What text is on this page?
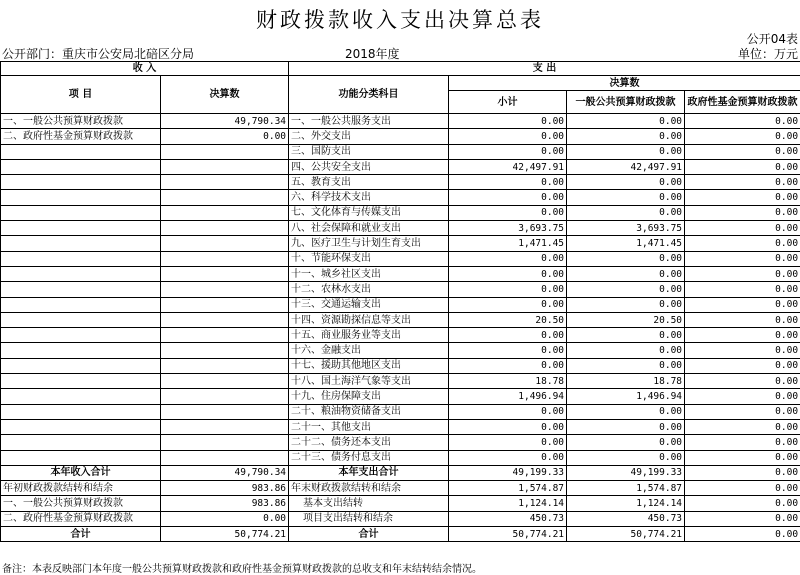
财政拨款收入支出决算总表
公开04表
公开部门：重庆市公安局北碚区分局	2018年度	单位：万元
收 入		支 出			
项 目	决算数	功能分类科目	决算数		
			小计	一般公共预算财政拨款	政府性基金预算财政拨款
一、一般公共预算财政拨款	49,790.34	一、一般公共服务支出	0.00	0.00	0.00
二、政府性基金预算财政拨款	0.00	二、外交支出	0.00	0.00	0.00
		三、国防支出	0.00	0.00	0.00
		四、公共安全支出	42,497.91	42,497.91	0.00
		五、教育支出	0.00	0.00	0.00
		六、科学技术支出	0.00	0.00	0.00
		七、文化体育与传媒支出	0.00	0.00	0.00
		八、社会保障和就业支出	3,693.75	3,693.75	0.00
		九、医疗卫生与计划生育支出	1,471.45	1,471.45	0.00
		十、节能环保支出	0.00	0.00	0.00
		十一、城乡社区支出	0.00	0.00	0.00
		十二、农林水支出	0.00	0.00	0.00
		十三、交通运输支出	0.00	0.00	0.00
		十四、资源勘探信息等支出	20.50	20.50	0.00
		十五、商业服务业等支出	0.00	0.00	0.00
		十六、金融支出	0.00	0.00	0.00
		十七、援助其他地区支出	0.00	0.00	0.00
		十八、国土海洋气象等支出	18.78	18.78	0.00
		十九、住房保障支出	1,496.94	1,496.94	0.00
		二十、粮油物资储备支出	0.00	0.00	0.00
		二十一、其他支出	0.00	0.00	0.00
		二十二、债务还本支出	0.00	0.00	0.00
		二十三、债务付息支出	0.00	0.00	0.00
本年收入合计	49,790.34	本年支出合计	49,199.33	49,199.33	0.00
年初财政拨款结转和结余	983.86	年末财政拨款结转和结余	1,574.87	1,574.87	0.00
一、一般公共预算财政拨款	983.86	基本支出结转	1,124.14	1,124.14	0.00
二、政府性基金预算财政拨款	0.00	项目支出结转和结余	450.73	450.73	0.00
合计	50,774.21	合计	50,774.21	50,774.21	0.00
备注：本表反映部门本年度一般公共预算财政拨款和政府性基金预算财政拨款的总收支和年末结转结余情况。
